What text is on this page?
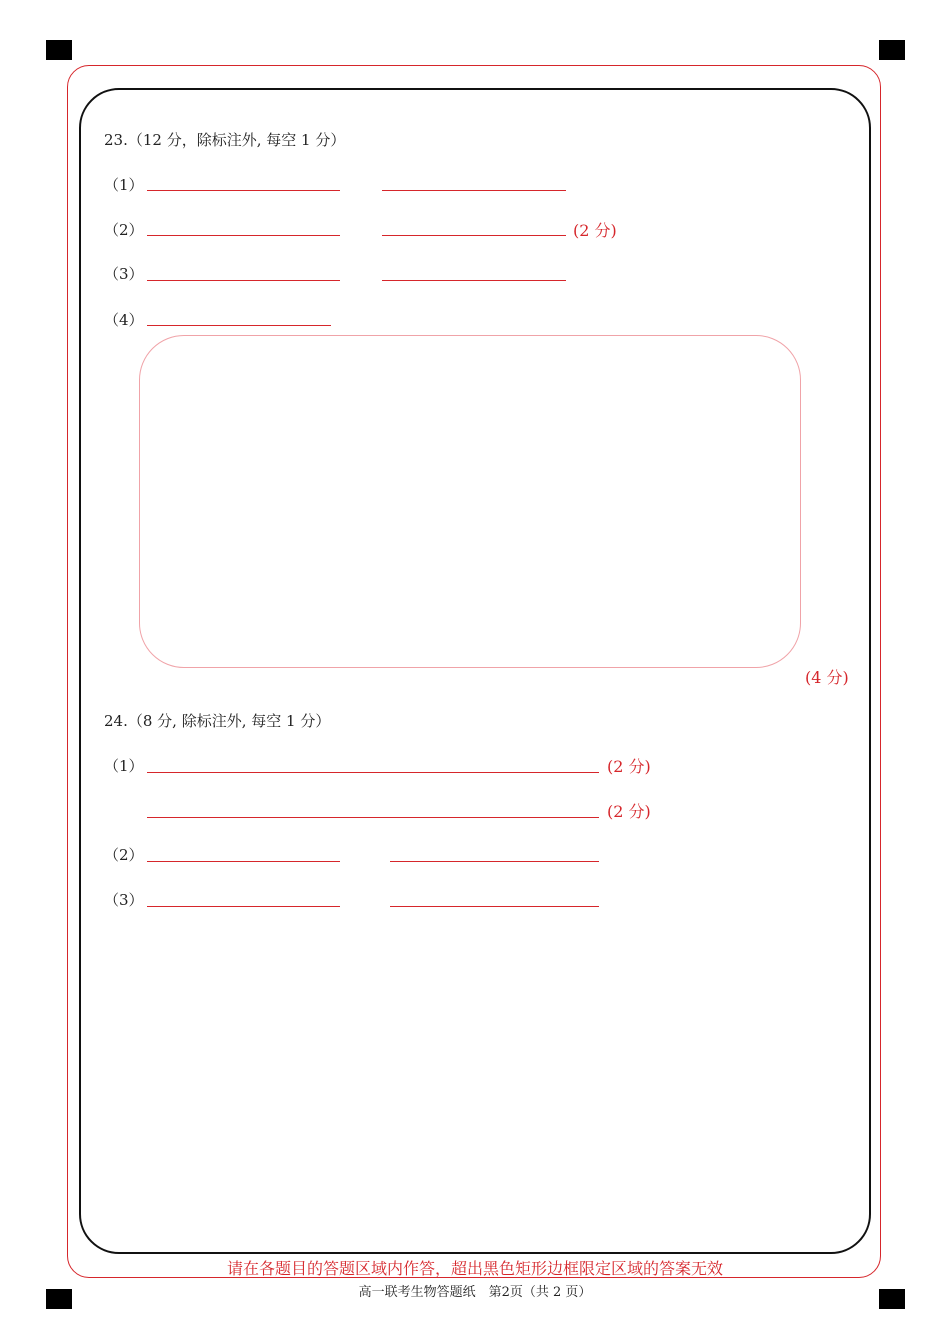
23.（12 分，除标注外, 每空 1 分）
（1）
（2）	(2 分)
（3）
（4）
(4 分)
24.（8 分, 除标注外, 每空 1 分）
（1）	(2 分)
(2 分)
（2）
（3）
请在各题目的答题区域内作答，超出黑色矩形边框限定区域的答案无效
高一联考生物答题纸　第2页（共 2 页）
